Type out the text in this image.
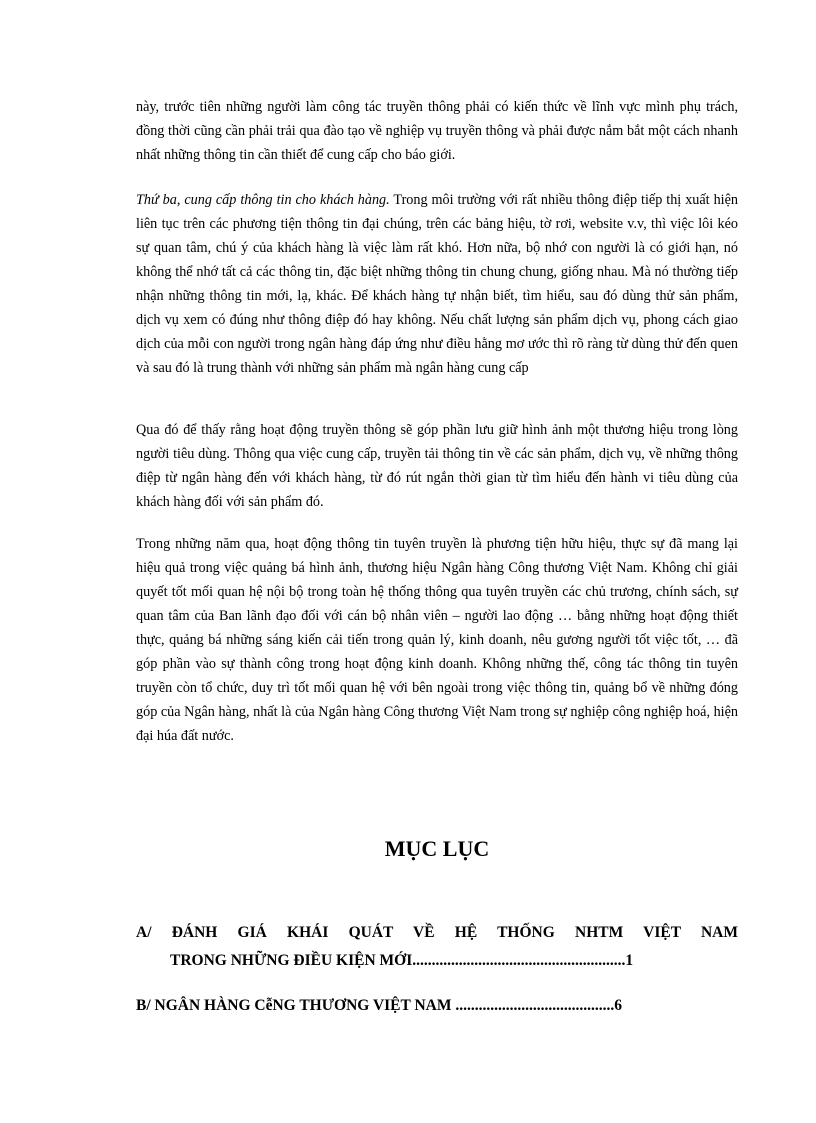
này, trước tiên những người làm công tác truyền thông phải có kiến thức về lĩnh vực mình phụ trách, đồng thời cũng cần phải trải qua đào tạo về nghiệp vụ truyền thông và phải được nắm bắt một cách nhanh nhất những thông tin cần thiết để cung cấp cho báo giới.

Thứ ba, cung cấp thông tin cho khách hàng. Trong môi trường với rất nhiều thông điệp tiếp thị xuất hiện liên tục trên các phương tiện thông tin đại chúng, trên các bảng hiệu, tờ rơi, website v.v, thì việc lôi kéo sự quan tâm, chú ý của khách hàng là việc làm rất khó. Hơn nữa, bộ nhớ con người là có giới hạn, nó không thể nhớ tất cả các thông tin, đặc biệt những thông tin chung chung, giống nhau. Mà nó thường tiếp nhận những thông tin mới, lạ, khác. Để khách hàng tự nhận biết, tìm hiểu, sau đó dùng thử sản phẩm, dịch vụ xem có đúng như thông điệp đó hay không. Nếu chất lượng sản phẩm dịch vụ, phong cách giao dịch của mỗi con người trong ngân hàng đáp ứng như điều hằng mơ ước thì rõ ràng từ dùng thử đến quen và sau đó là trung thành với những sản phẩm mà ngân hàng cung cấp

Qua đó để thấy rằng hoạt động truyền thông sẽ góp phần lưu giữ hình ảnh một thương hiệu trong lòng người tiêu dùng. Thông qua việc cung cấp, truyền tải thông tin về các sản phẩm, dịch vụ, về những thông điệp từ ngân hàng đến với khách hàng, từ đó rút ngắn thời gian từ tìm hiểu đến hành vi tiêu dùng của khách hàng đối với sản phẩm đó.

Trong những năm qua, hoạt động thông tin tuyên truyền là phương tiện hữu hiệu, thực sự đã mang lại hiệu quả trong việc quảng bá hình ảnh, thương hiệu Ngân hàng Công thương Việt Nam. Không chỉ giải quyết tốt mối quan hệ nội bộ trong toàn hệ thống thông qua tuyên truyền các chủ trương, chính sách, sự quan tâm của Ban lãnh đạo đối với cán bộ nhân viên – người lao động … bằng những hoạt động thiết thực, quảng bá những sáng kiến cải tiến trong quản lý, kinh doanh, nêu gương người tốt việc tốt, … đã góp phần vào sự thành công trong hoạt động kinh doanh. Không những thế, công tác thông tin tuyên truyền còn tổ chức, duy trì tốt mối quan hệ với bên ngoài trong việc thông tin, quảng bổ về những đóng góp của Ngân hàng, nhất là của Ngân hàng Công thương Việt Nam trong sự nghiệp công nghiệp hoá, hiện đại húa đất nước.

MỤC LỤC
A/ ĐÁNH GIÁ KHÁI QUÁT VỀ HỆ THỐNG NHTM VIỆT NAM
TRONG NHỮNG ĐIỀU KIỆN MỚI.......................................................1
B/ NGÂN HÀNG CễNG THƯƠNG VIỆT NAM .........................................6
